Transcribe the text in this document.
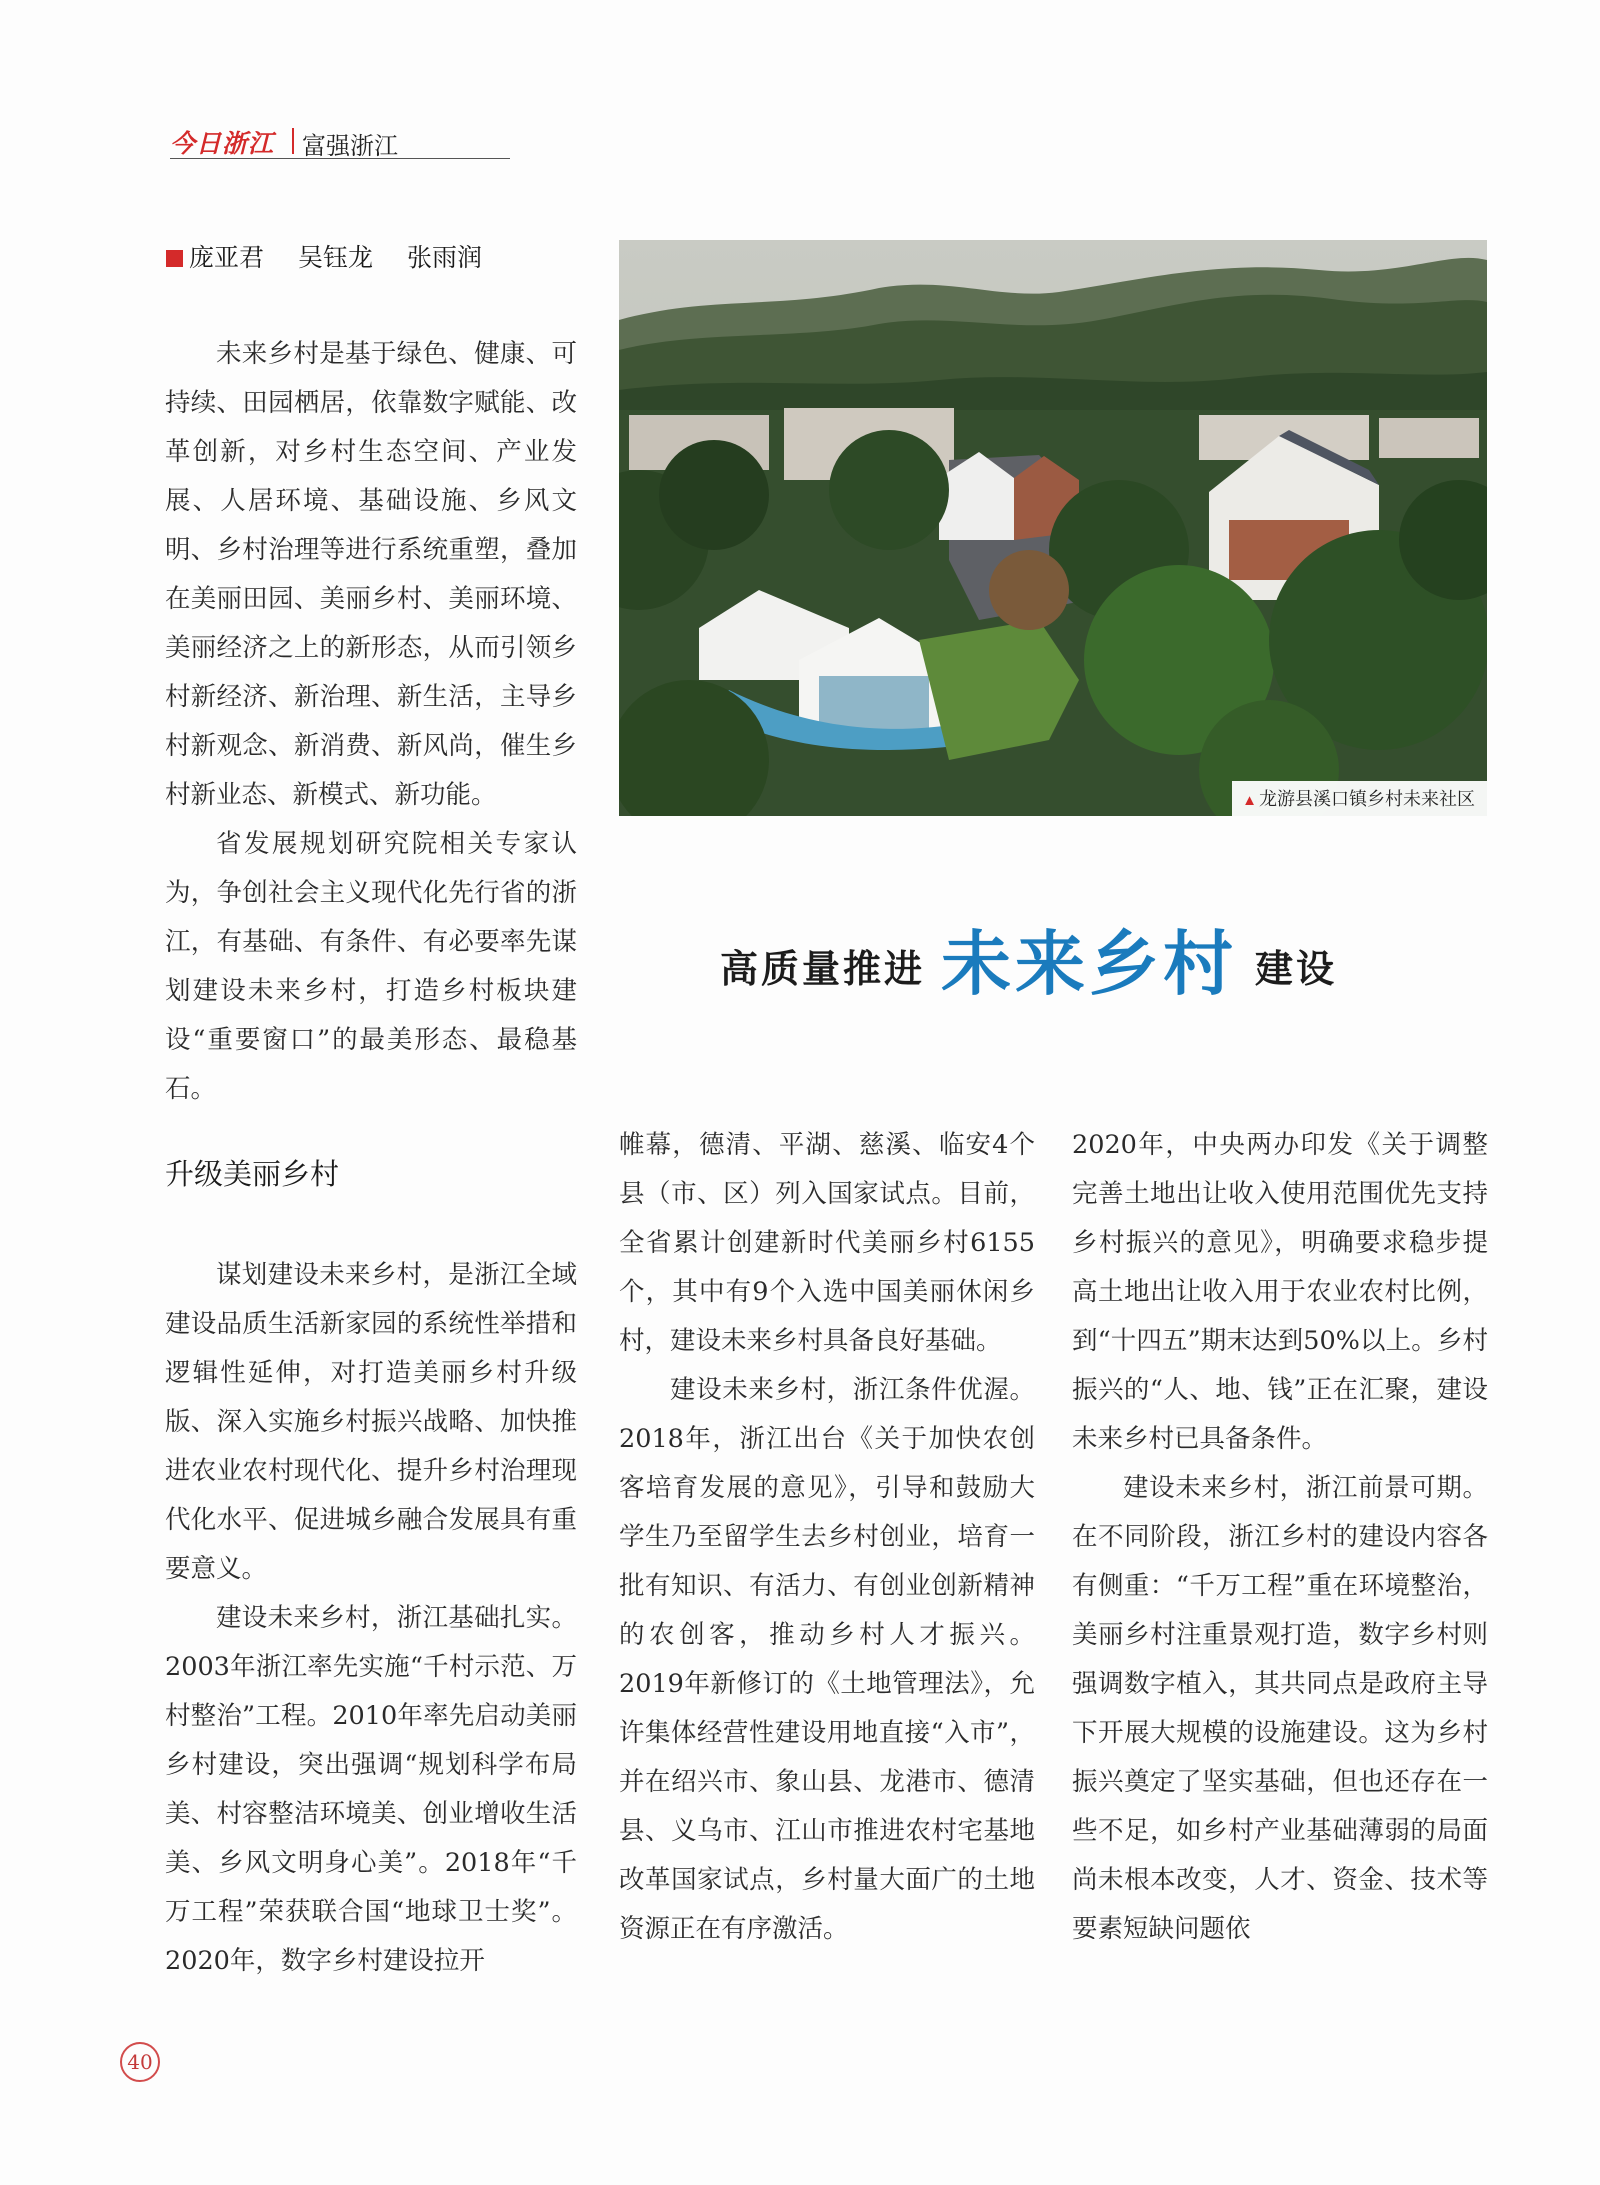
今日浙江 富强浙江
庞亚君 吴钰龙 张雨润
▲ 龙游县溪口镇乡村未来社区
高质量推进 未来乡村 建设

未来乡村是基于绿色、健康、可持续、田园栖居，依靠数字赋能、改革创新，对乡村生态空间、产业发展、人居环境、基础设施、乡风文明、乡村治理等进行系统重塑，叠加在美丽田园、美丽乡村、美丽环境、美丽经济之上的新形态，从而引领乡村新经济、新治理、新生活，主导乡村新观念、新消费、新风尚，催生乡村新业态、新模式、新功能。

省发展规划研究院相关专家认为，争创社会主义现代化先行省的浙江，有基础、有条件、有必要率先谋划建设未来乡村，打造乡村板块建设“重要窗口”的最美形态、最稳基石。

升级美丽乡村

谋划建设未来乡村，是浙江全域建设品质生活新家园的系统性举措和逻辑性延伸，对打造美丽乡村升级版、深入实施乡村振兴战略、加快推进农业农村现代化、提升乡村治理现代化水平、促进城乡融合发展具有重要意义。

建设未来乡村，浙江基础扎实。2003年浙江率先实施“千村示范、万村整治”工程。2010年率先启动美丽乡村建设，突出强调“规划科学布局美、村容整洁环境美、创业增收生活美、乡风文明身心美”。2018年“千万工程”荣获联合国“地球卫士奖”。2020年，数字乡村建设拉开

帷幕，德清、平湖、慈溪、临安4个县（市、区）列入国家试点。目前，全省累计创建新时代美丽乡村6155个，其中有9个入选中国美丽休闲乡村，建设未来乡村具备良好基础。

建设未来乡村，浙江条件优渥。2018年，浙江出台《关于加快农创客培育发展的意见》，引导和鼓励大学生乃至留学生去乡村创业，培育一批有知识、有活力、有创业创新精神的农创客，推动乡村人才振兴。2019年新修订的《土地管理法》，允许集体经营性建设用地直接“入市”，并在绍兴市、象山县、龙港市、德清县、义乌市、江山市推进农村宅基地改革国家试点，乡村量大面广的土地资源正在有序激活。

2020年，中央两办印发《关于调整完善土地出让收入使用范围优先支持乡村振兴的意见》，明确要求稳步提高土地出让收入用于农业农村比例，到“十四五”期末达到50%以上。乡村振兴的“人、地、钱”正在汇聚，建设未来乡村已具备条件。

建设未来乡村，浙江前景可期。在不同阶段，浙江乡村的建设内容各有侧重：“千万工程”重在环境整治，美丽乡村注重景观打造，数字乡村则强调数字植入，其共同点是政府主导下开展大规模的设施建设。这为乡村振兴奠定了坚实基础，但也还存在一些不足，如乡村产业基础薄弱的局面尚未根本改变，人才、资金、技术等要素短缺问题依

40
